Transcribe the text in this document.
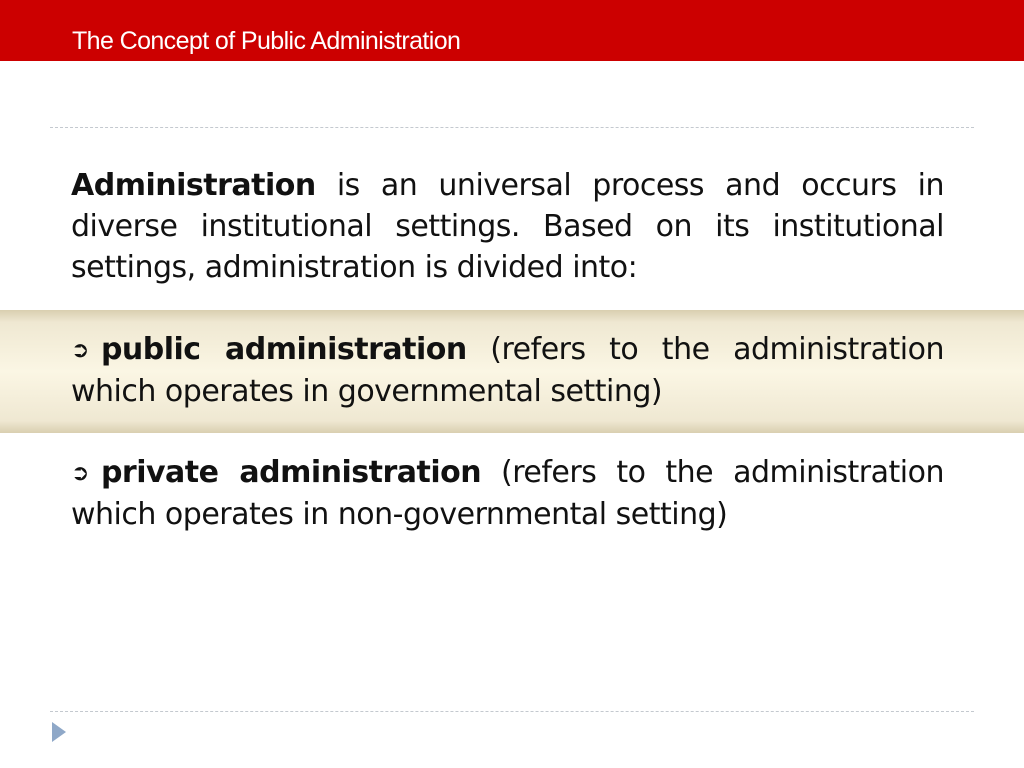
The Concept of Public Administration
Administration is an universal process and occurs in diverse institutional settings. Based on its institutional settings, administration is divided into:
➲ public administration (refers to the administration which operates in governmental setting)
➲ private administration (refers to the administration which operates in non-governmental setting)
